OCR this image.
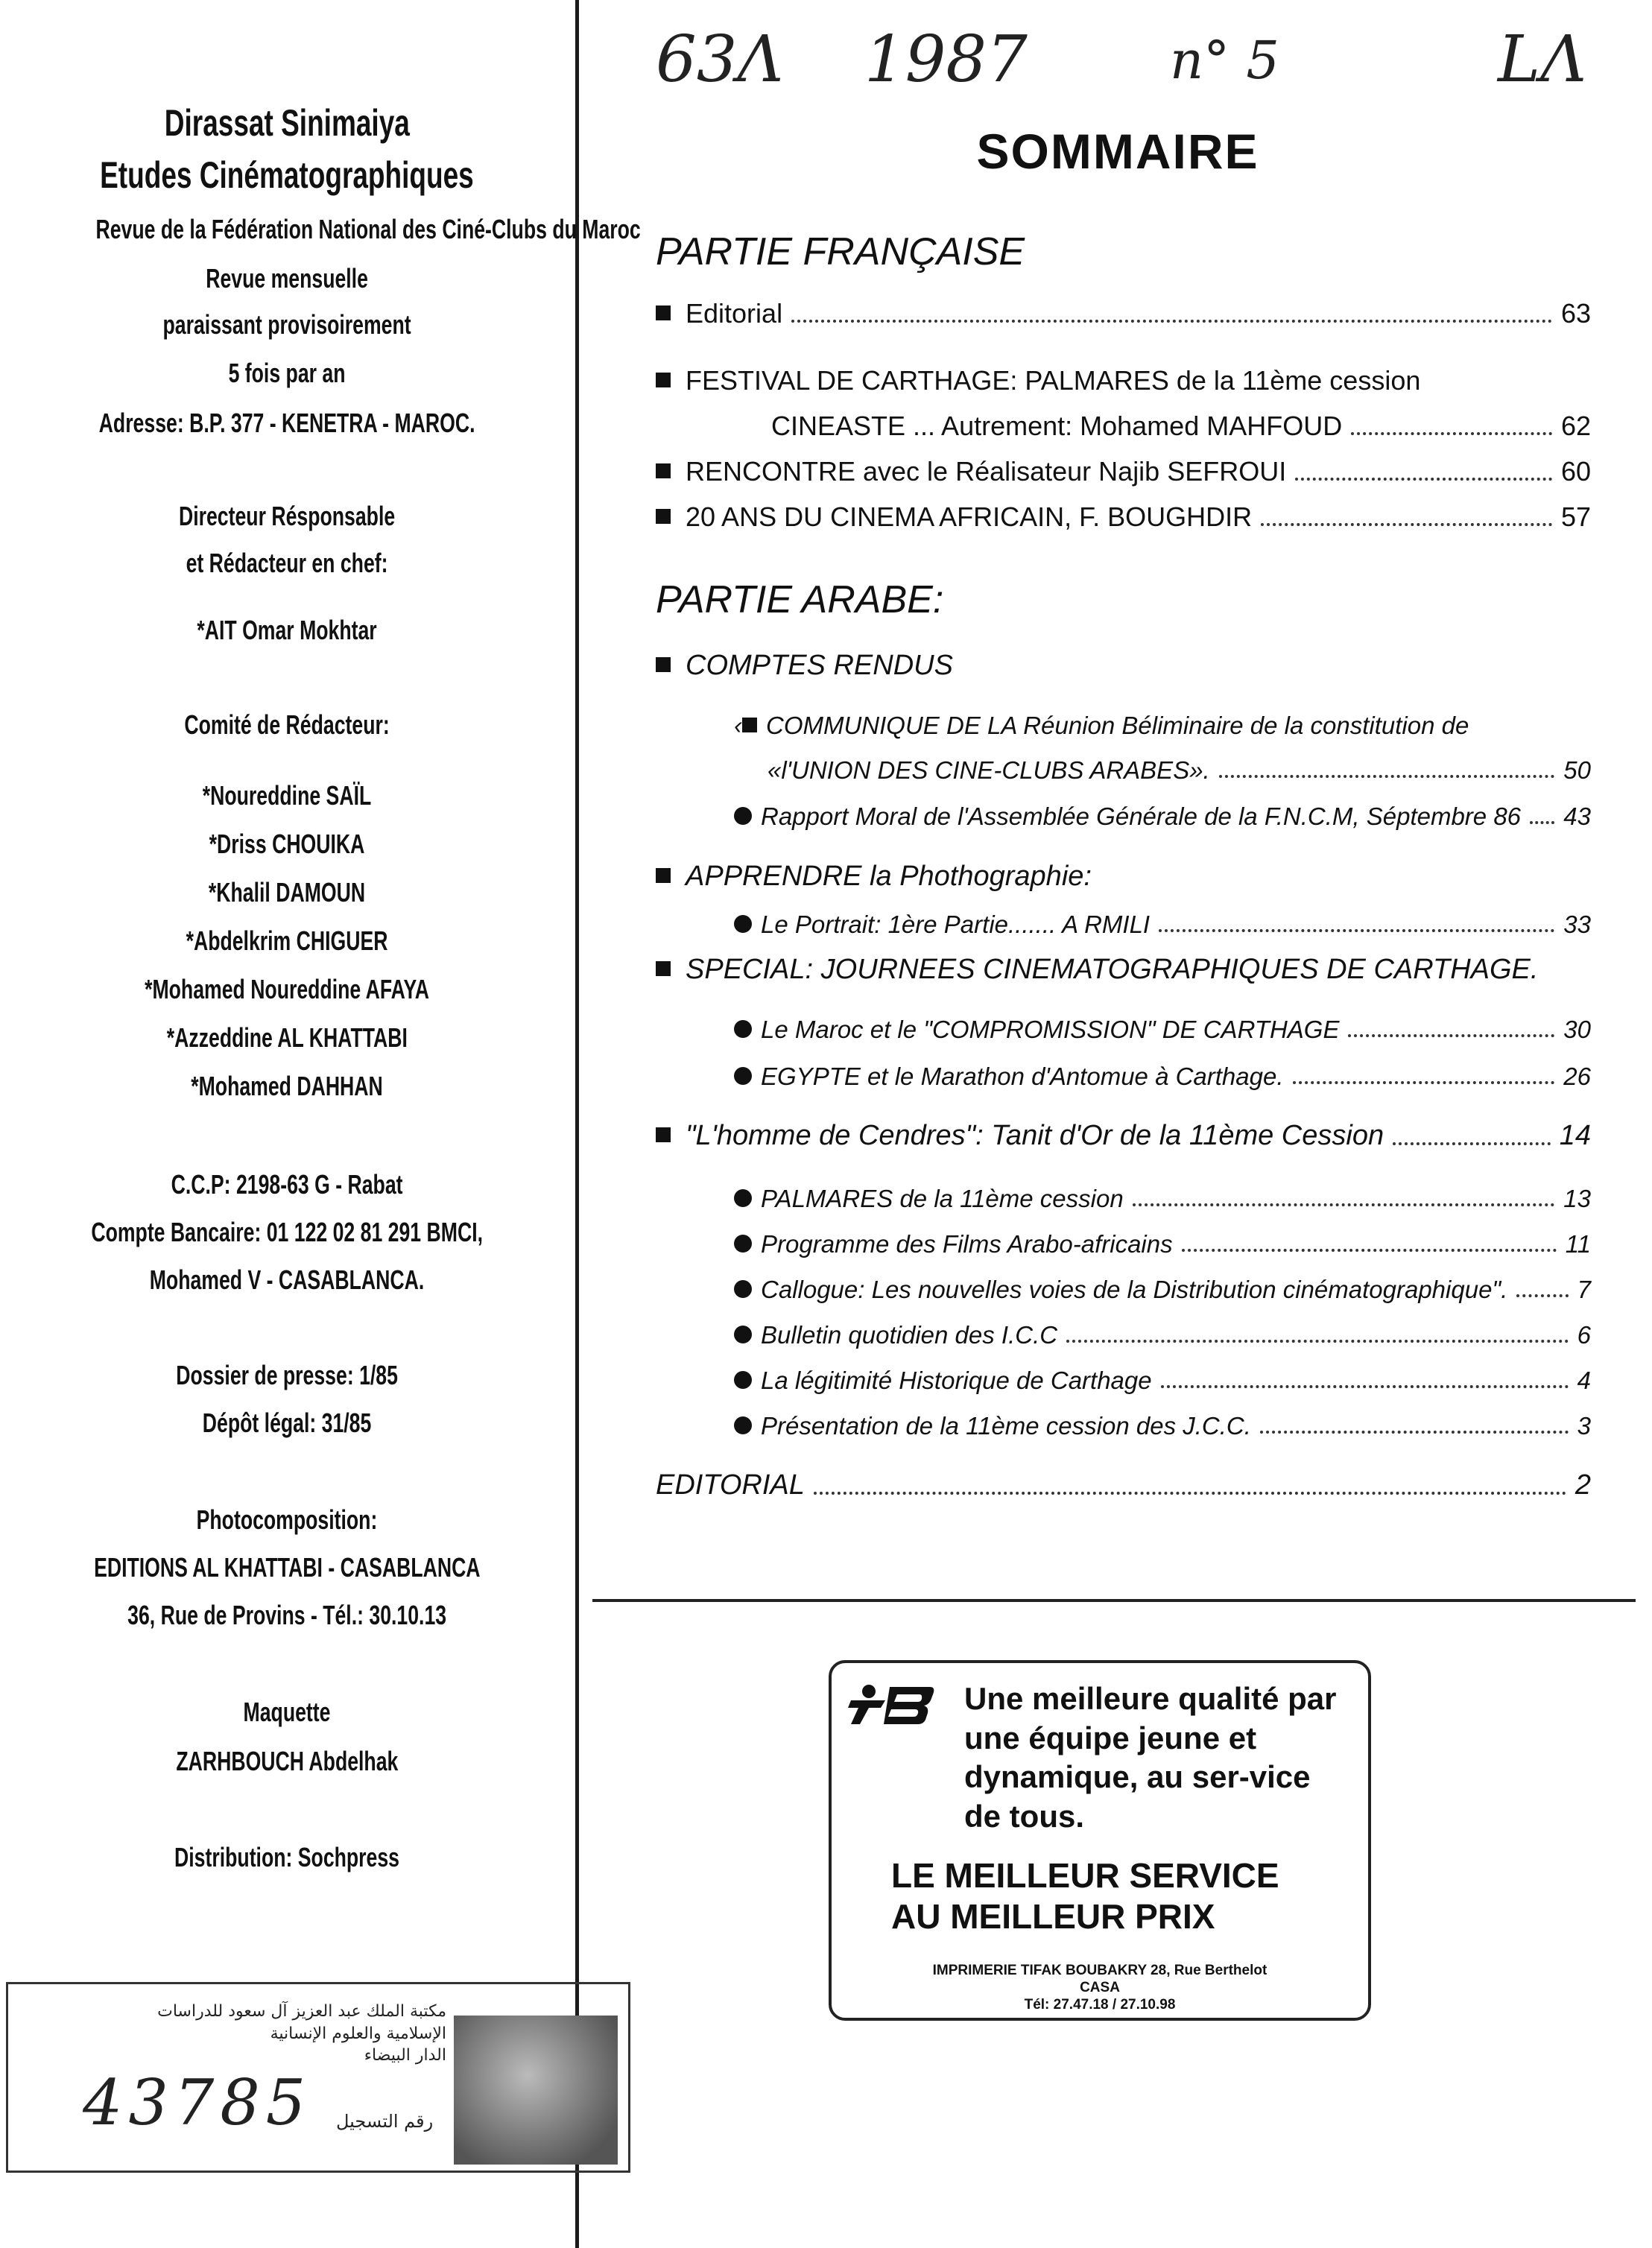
63Λ 1987	n° 5	LΛ
Dirassat Sinimaiya
Etudes Cinématographiques
Revue de la Fédération National des Ciné-Clubs du Maroc
Revue mensuelle
paraissant provisoirement
5 fois par an
Adresse: B.P. 377 - KENETRA - MAROC.
Directeur Résponsable
et Rédacteur en chef:
*AIT Omar Mokhtar
Comité de Rédacteur:
*Noureddine SAÏL
*Driss CHOUIKA
*Khalil DAMOUN
*Abdelkrim CHIGUER
*Mohamed Noureddine AFAYA
*Azzeddine AL KHATTABI
*Mohamed DAHHAN
C.C.P: 2198-63 G - Rabat
Compte Bancaire: 01 122 02 81 291 BMCI,
Mohamed V - CASABLANCA.
Dossier de presse: 1/85
Dépôt légal: 31/85
Photocomposition:
EDITIONS AL KHATTABI - CASABLANCA
36, Rue de Provins - Tél.: 30.10.13
Maquette
ZARHBOUCH Abdelhak
Distribution: Sochpress
SOMMAIRE
PARTIE FRANÇAISE
Editorial	63
FESTIVAL DE CARTHAGE: PALMARES de la 11ème cession
CINEASTE ... Autrement: Mohamed MAHFOUD	62
RENCONTRE avec le Réalisateur Najib SEFROUI	60
20 ANS DU CINEMA AFRICAIN, F. BOUGHDIR	57
PARTIE ARABE:
COMPTES RENDUS
‹ COMMUNIQUE DE LA Réunion Béliminaire de la constitution de
«l'UNION DES CINE-CLUBS ARABES».	50
Rapport Moral de l'Assemblée Générale de la F.N.C.M, Séptembre 86 43
APPRENDRE la Phothographie:
Le Portrait: 1ère Partie....... A RMILI	33
SPECIAL: JOURNEES CINEMATOGRAPHIQUES DE CARTHAGE.
Le Maroc et le "COMPROMISSION" DE CARTHAGE	30
EGYPTE et le Marathon d'Antomue à Carthage.	26
"L'homme de Cendres": Tanit d'Or de la 11ème Cession	14
PALMARES de la 11ème cession	13
Programme des Films Arabo-africains	11
Callogue: Les nouvelles voies de la Distribution cinématographique".	7
Bulletin quotidien des I.C.C	6
La légitimité Historique de Carthage	4
Présentation de la 11ème cession des J.C.C.	3
EDITORIAL	2
Une meilleure qualité par une équipe jeune et dynamique, au ser-vice de tous.
LE MEILLEUR SERVICE
AU MEILLEUR PRIX
IMPRIMERIE TIFAK BOUBAKRY 28, Rue Berthelot
CASA
Tél: 27.47.18 / 27.10.98
مكتبة الملك عبد العزيز آل سعود للدراسات
الإسلامية والعلوم الإنسانية
الدار البيضاء
43785 رقم التسجيل
